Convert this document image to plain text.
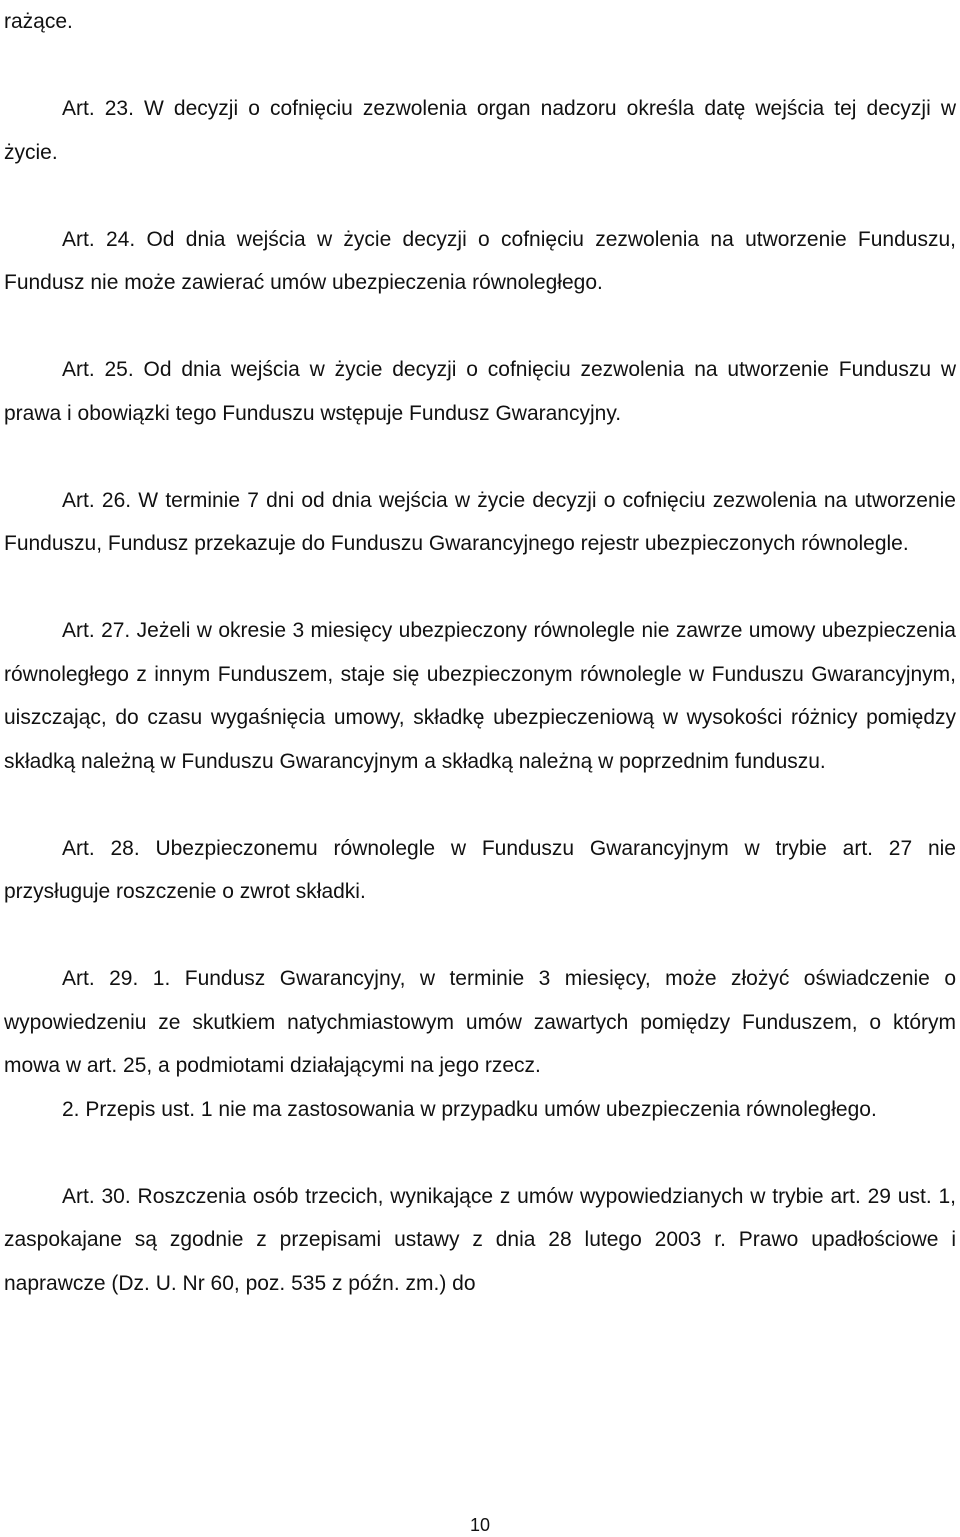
rażące.

Art. 23. W decyzji o cofnięciu zezwolenia organ nadzoru określa datę wejścia tej decyzji w życie.

Art. 24. Od dnia wejścia w życie decyzji o cofnięciu zezwolenia na utworzenie Funduszu, Fundusz nie może zawierać umów ubezpieczenia równoległego.

Art. 25. Od dnia wejścia w życie decyzji o cofnięciu zezwolenia na utworzenie Funduszu w prawa i obowiązki tego Funduszu wstępuje Fundusz Gwarancyjny.

Art. 26. W terminie 7 dni od dnia wejścia w życie decyzji o cofnięciu zezwolenia na utworzenie Funduszu, Fundusz przekazuje do Funduszu Gwarancyjnego rejestr ubezpieczonych równolegle.

Art. 27. Jeżeli w okresie 3 miesięcy ubezpieczony równolegle nie zawrze umowy ubezpieczenia równoległego z innym Funduszem, staje się ubezpieczonym równolegle w Funduszu Gwarancyjnym, uiszczając, do czasu wygaśnięcia umowy, składkę ubezpieczeniową w wysokości różnicy pomiędzy składką należną w Funduszu Gwarancyjnym a składką należną w poprzednim funduszu.

Art. 28. Ubezpieczonemu równolegle w Funduszu Gwarancyjnym w trybie art. 27 nie przysługuje roszczenie o zwrot składki.

Art. 29. 1. Fundusz Gwarancyjny, w terminie 3 miesięcy, może złożyć oświadczenie o wypowiedzeniu ze skutkiem natychmiastowym umów zawartych pomiędzy Funduszem, o którym mowa w art. 25, a podmiotami działającymi na jego rzecz.

2. Przepis ust. 1 nie ma zastosowania w przypadku umów ubezpieczenia równoległego.

Art. 30. Roszczenia osób trzecich, wynikające z umów wypowiedzianych w trybie art. 29 ust. 1, zaspokajane są zgodnie z przepisami ustawy z dnia 28 lutego 2003 r. Prawo upadłościowe i naprawcze (Dz. U. Nr 60, poz. 535 z późn. zm.) do

10
